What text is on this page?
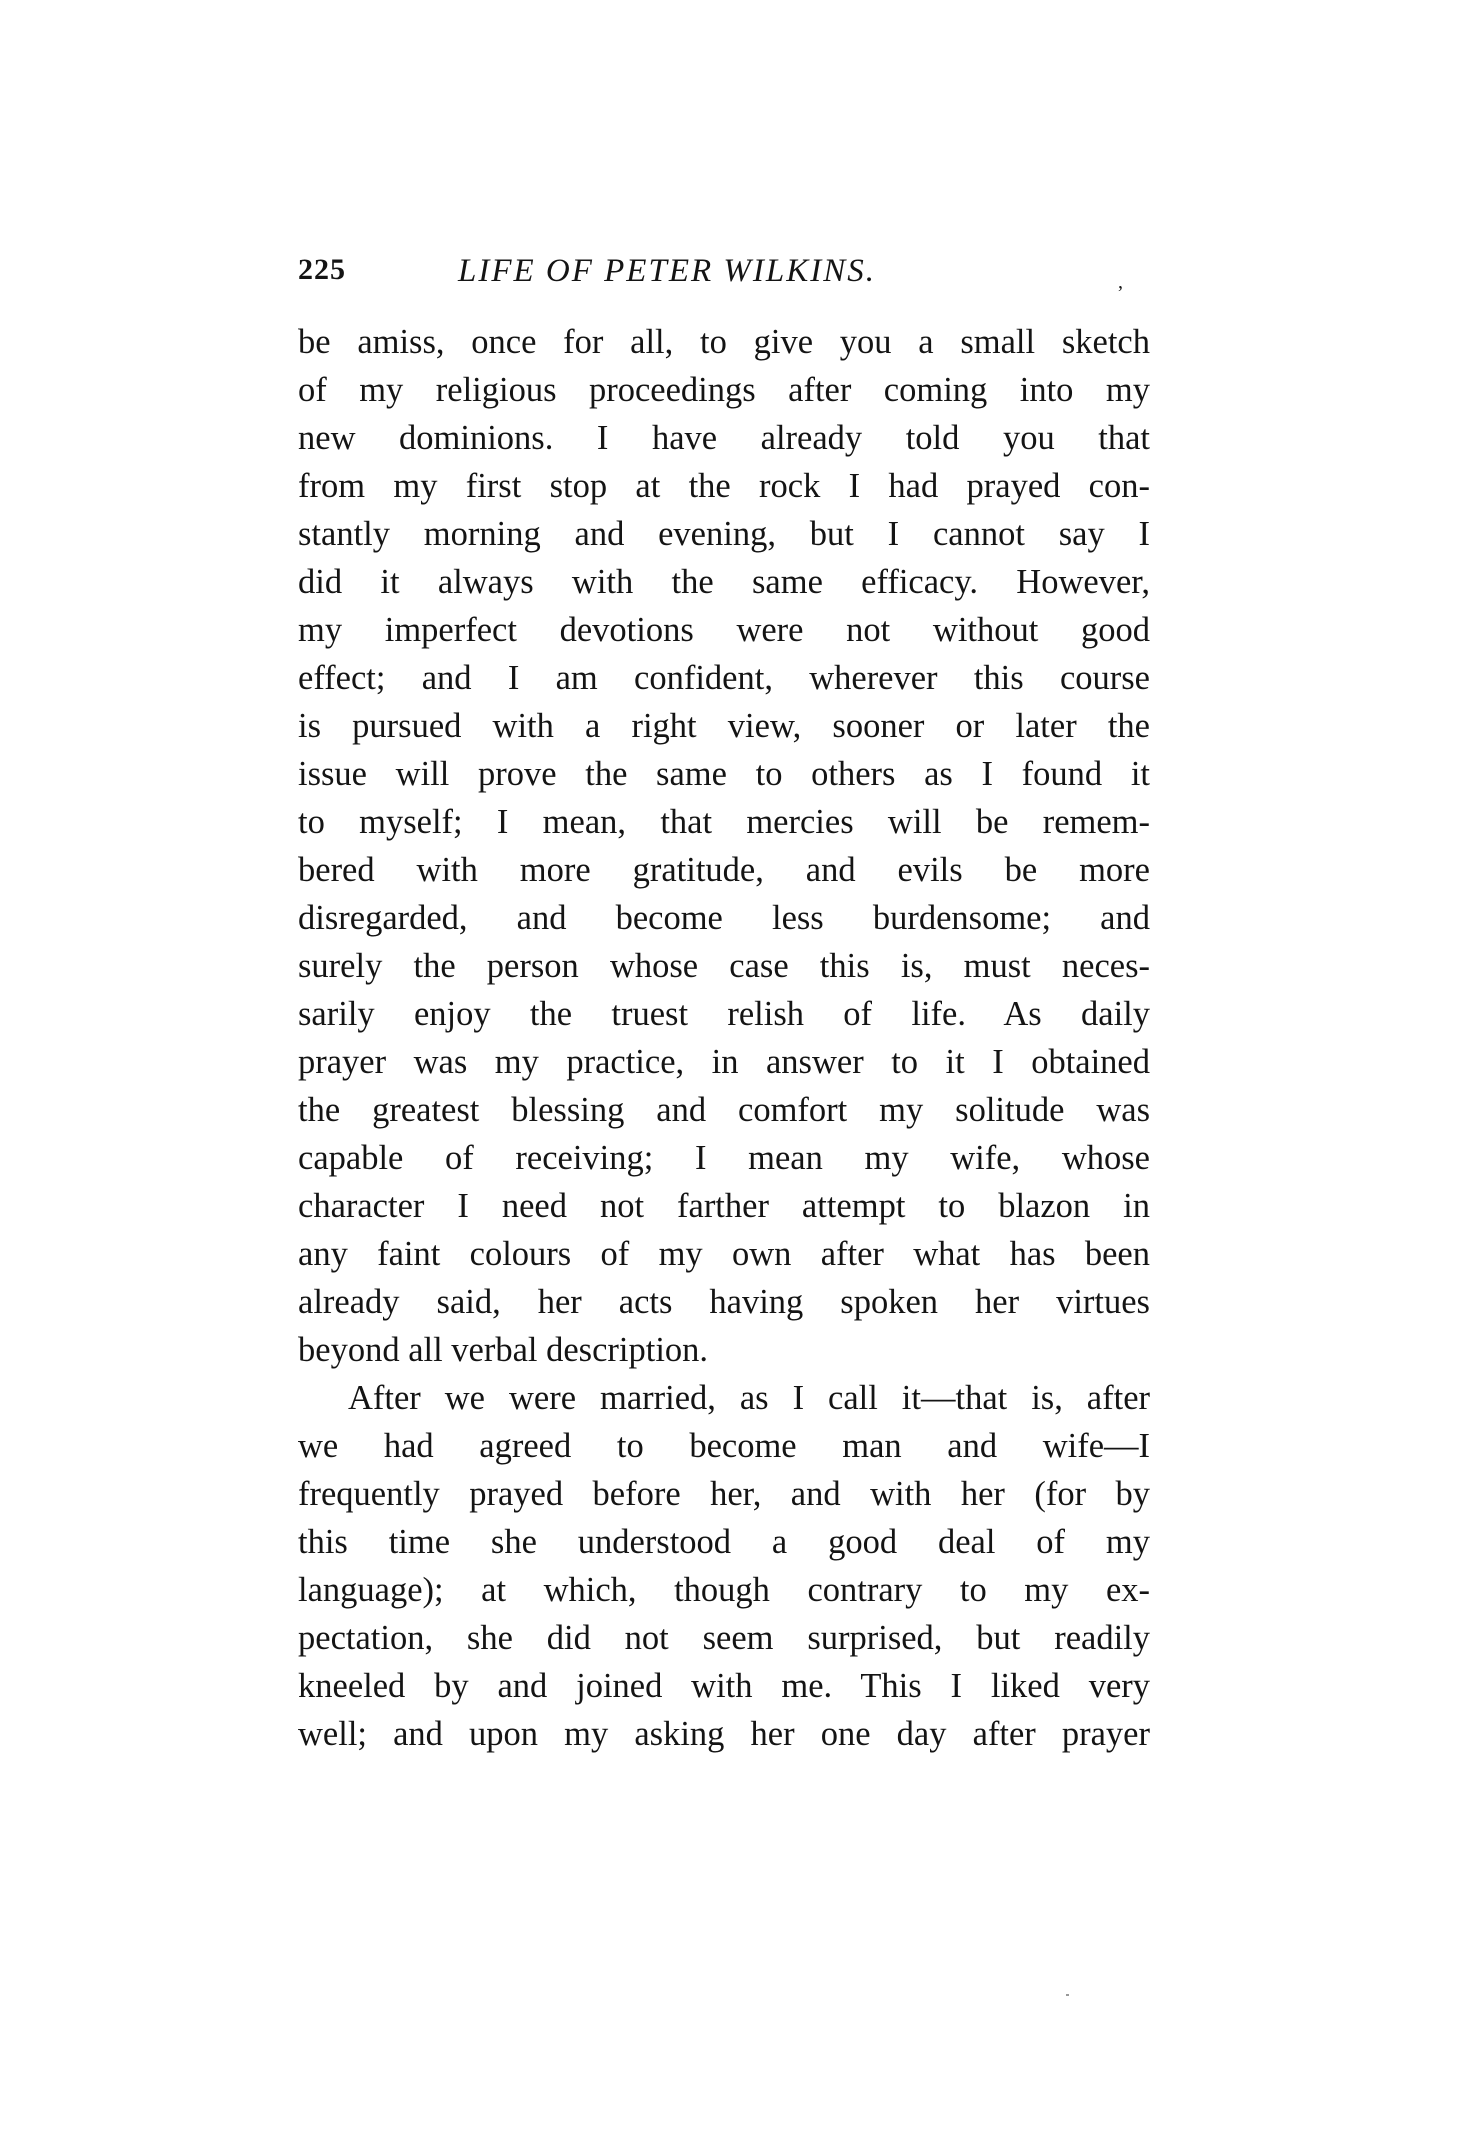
225	LIFE OF PETER WILKINS.	,
be amiss, once for all, to give you a small sketch
of my religious proceedings after coming into my
new dominions. I have already told you that
from my first stop at the rock I had prayed con-
stantly morning and evening, but I cannot say I
did it always with the same efficacy. However,
my imperfect devotions were not without good
effect; and I am confident, wherever this course
is pursued with a right view, sooner or later the
issue will prove the same to others as I found it
to myself; I mean, that mercies will be remem-
bered with more gratitude, and evils be more
disregarded, and become less burdensome; and
surely the person whose case this is, must neces-
sarily enjoy the truest relish of life. As daily
prayer was my practice, in answer to it I obtained
the greatest blessing and comfort my solitude was
capable of receiving; I mean my wife, whose
character I need not farther attempt to blazon in
any faint colours of my own after what has been
already said, her acts having spoken her virtues
beyond all verbal description.
After we were married, as I call it—that is, after
we had agreed to become man and wife—I
frequently prayed before her, and with her (for by
this time she understood a good deal of my
language); at which, though contrary to my ex-
pectation, she did not seem surprised, but readily
kneeled by and joined with me. This I liked very
well; and upon my asking her one day after prayer
